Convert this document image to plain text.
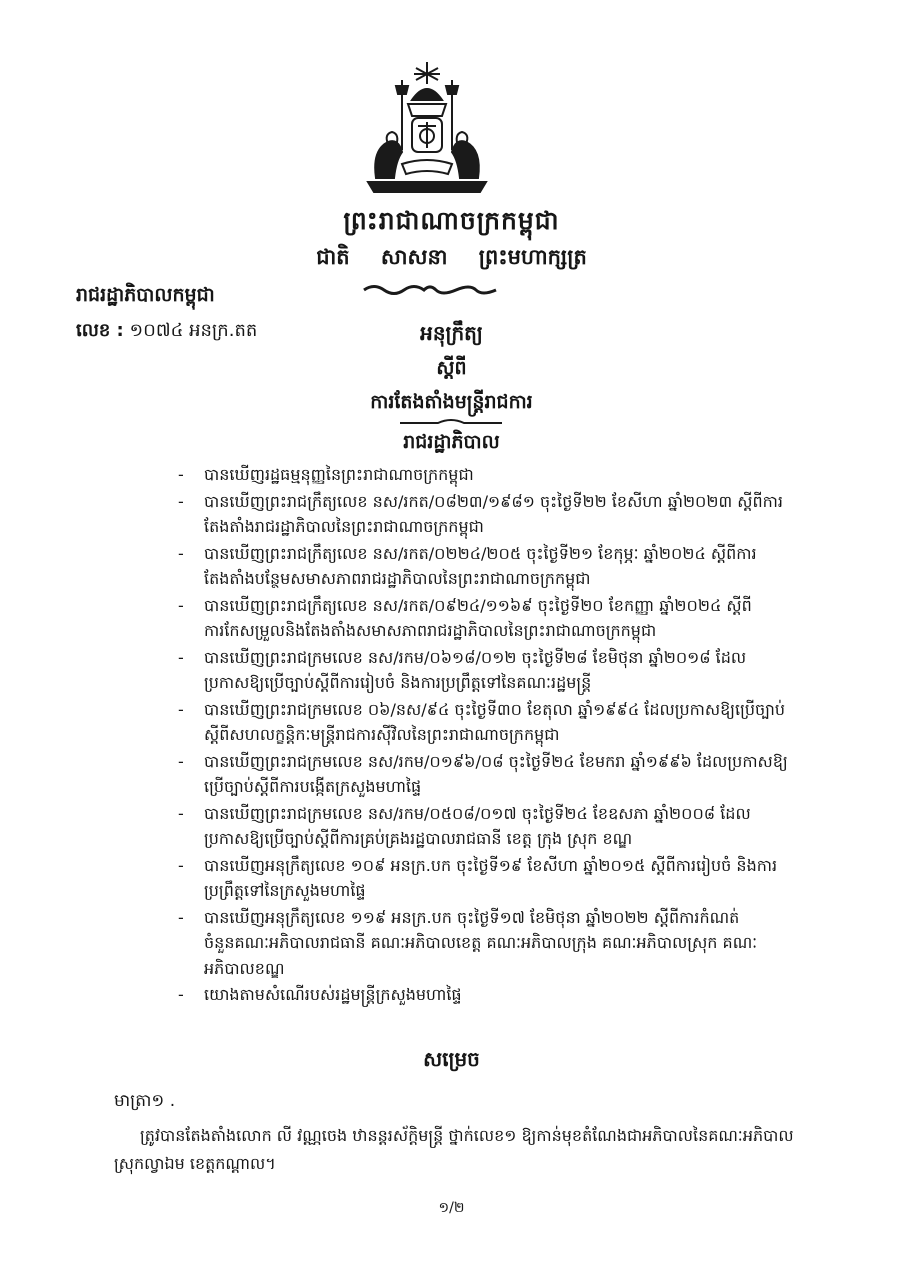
ព្រះរាជាណាចក្រកម្ពុជា
ជាតិ សាសនា ព្រះមហាក្សត្រ
រាជរដ្ឋាភិបាលកម្ពុជា
លេខ : ១០៧៤ អនក្រ.តត	អនុក្រឹត្យ
ស្តីពី
ការតែងតាំងមន្ត្រីរាជការ
រាជរដ្ឋាភិបាល
- បានឃើញរដ្ឋធម្មនុញ្ញនៃព្រះរាជាណាចក្រកម្ពុជា
- បានឃើញព្រះរាជក្រឹត្យលេខ នស/រកត/០៨២៣/១៩៨១ ចុះថ្ងៃទី២២ ខែសីហា ឆ្នាំ២០២៣ ស្តីពីការតែងតាំងរាជរដ្ឋាភិបាលនៃព្រះរាជាណាចក្រកម្ពុជា
- បានឃើញព្រះរាជក្រឹត្យលេខ នស/រកត/០២២៤/២០៥ ចុះថ្ងៃទី២១ ខែកុម្ភៈ ឆ្នាំ២០២៤ ស្តីពីការតែងតាំងបន្ថែមសមាសភាពរាជរដ្ឋាភិបាលនៃព្រះរាជាណាចក្រកម្ពុជា
- បានឃើញព្រះរាជក្រឹត្យលេខ នស/រកត/០៩២៤/១១៦៩ ចុះថ្ងៃទី២០ ខែកញ្ញា ឆ្នាំ២០២៤ ស្តីពីការកែសម្រួលនិងតែងតាំងសមាសភាពរាជរដ្ឋាភិបាលនៃព្រះរាជាណាចក្រកម្ពុជា
- បានឃើញព្រះរាជក្រមលេខ នស/រកម/០៦១៨/០១២ ចុះថ្ងៃទី២៨ ខែមិថុនា ឆ្នាំ២០១៨ ដែលប្រកាសឱ្យប្រើច្បាប់ស្តីពីការរៀបចំ និងការប្រព្រឹត្តទៅនៃគណៈរដ្ឋមន្ត្រី
- បានឃើញព្រះរាជក្រមលេខ ០៦/នស/៩៤ ចុះថ្ងៃទី៣០ ខែតុលា ឆ្នាំ១៩៩៤ ដែលប្រកាសឱ្យប្រើច្បាប់ស្តីពីសហលក្ខន្តិកៈមន្ត្រីរាជការស៊ីវិលនៃព្រះរាជាណាចក្រកម្ពុជា
- បានឃើញព្រះរាជក្រមលេខ នស/រកម/០១៩៦/០៨ ចុះថ្ងៃទី២៤ ខែមករា ឆ្នាំ១៩៩៦ ដែលប្រកាសឱ្យប្រើច្បាប់ស្តីពីការបង្កើតក្រសួងមហាផ្ទៃ
- បានឃើញព្រះរាជក្រមលេខ នស/រកម/០៥០៨/០១៧ ចុះថ្ងៃទី២៤ ខែឧសភា ឆ្នាំ២០០៨ ដែលប្រកាសឱ្យប្រើច្បាប់ស្តីពីការគ្រប់គ្រងរដ្ឋបាលរាជធានី ខេត្ត ក្រុង ស្រុក ខណ្ឌ
- បានឃើញអនុក្រឹត្យលេខ ១០៩ អនក្រ.បក ចុះថ្ងៃទី១៩ ខែសីហា ឆ្នាំ២០១៥ ស្តីពីការរៀបចំ និងការប្រព្រឹត្តទៅនៃក្រសួងមហាផ្ទៃ
- បានឃើញអនុក្រឹត្យលេខ ១១៩ អនក្រ.បក ចុះថ្ងៃទី១៧ ខែមិថុនា ឆ្នាំ២០២២ ស្តីពីការកំណត់ចំនួនគណៈអភិបាលរាជធានី គណៈអភិបាលខេត្ត គណៈអភិបាលក្រុង គណៈអភិបាលស្រុក គណៈអភិបាលខណ្ឌ
- យោងតាមសំណើរបស់រដ្ឋមន្ត្រីក្រសួងមហាផ្ទៃ
សម្រេច
មាត្រា១ .
ត្រូវបានតែងតាំងលោក លី វណ្ណចេង ឋានន្តរស័ក្តិមន្ត្រី ថ្នាក់លេខ១ ឱ្យកាន់មុខតំណែងជាអភិបាលនៃគណៈអភិបាលស្រុកល្វាឯម ខេត្តកណ្ដាល។
១/២
